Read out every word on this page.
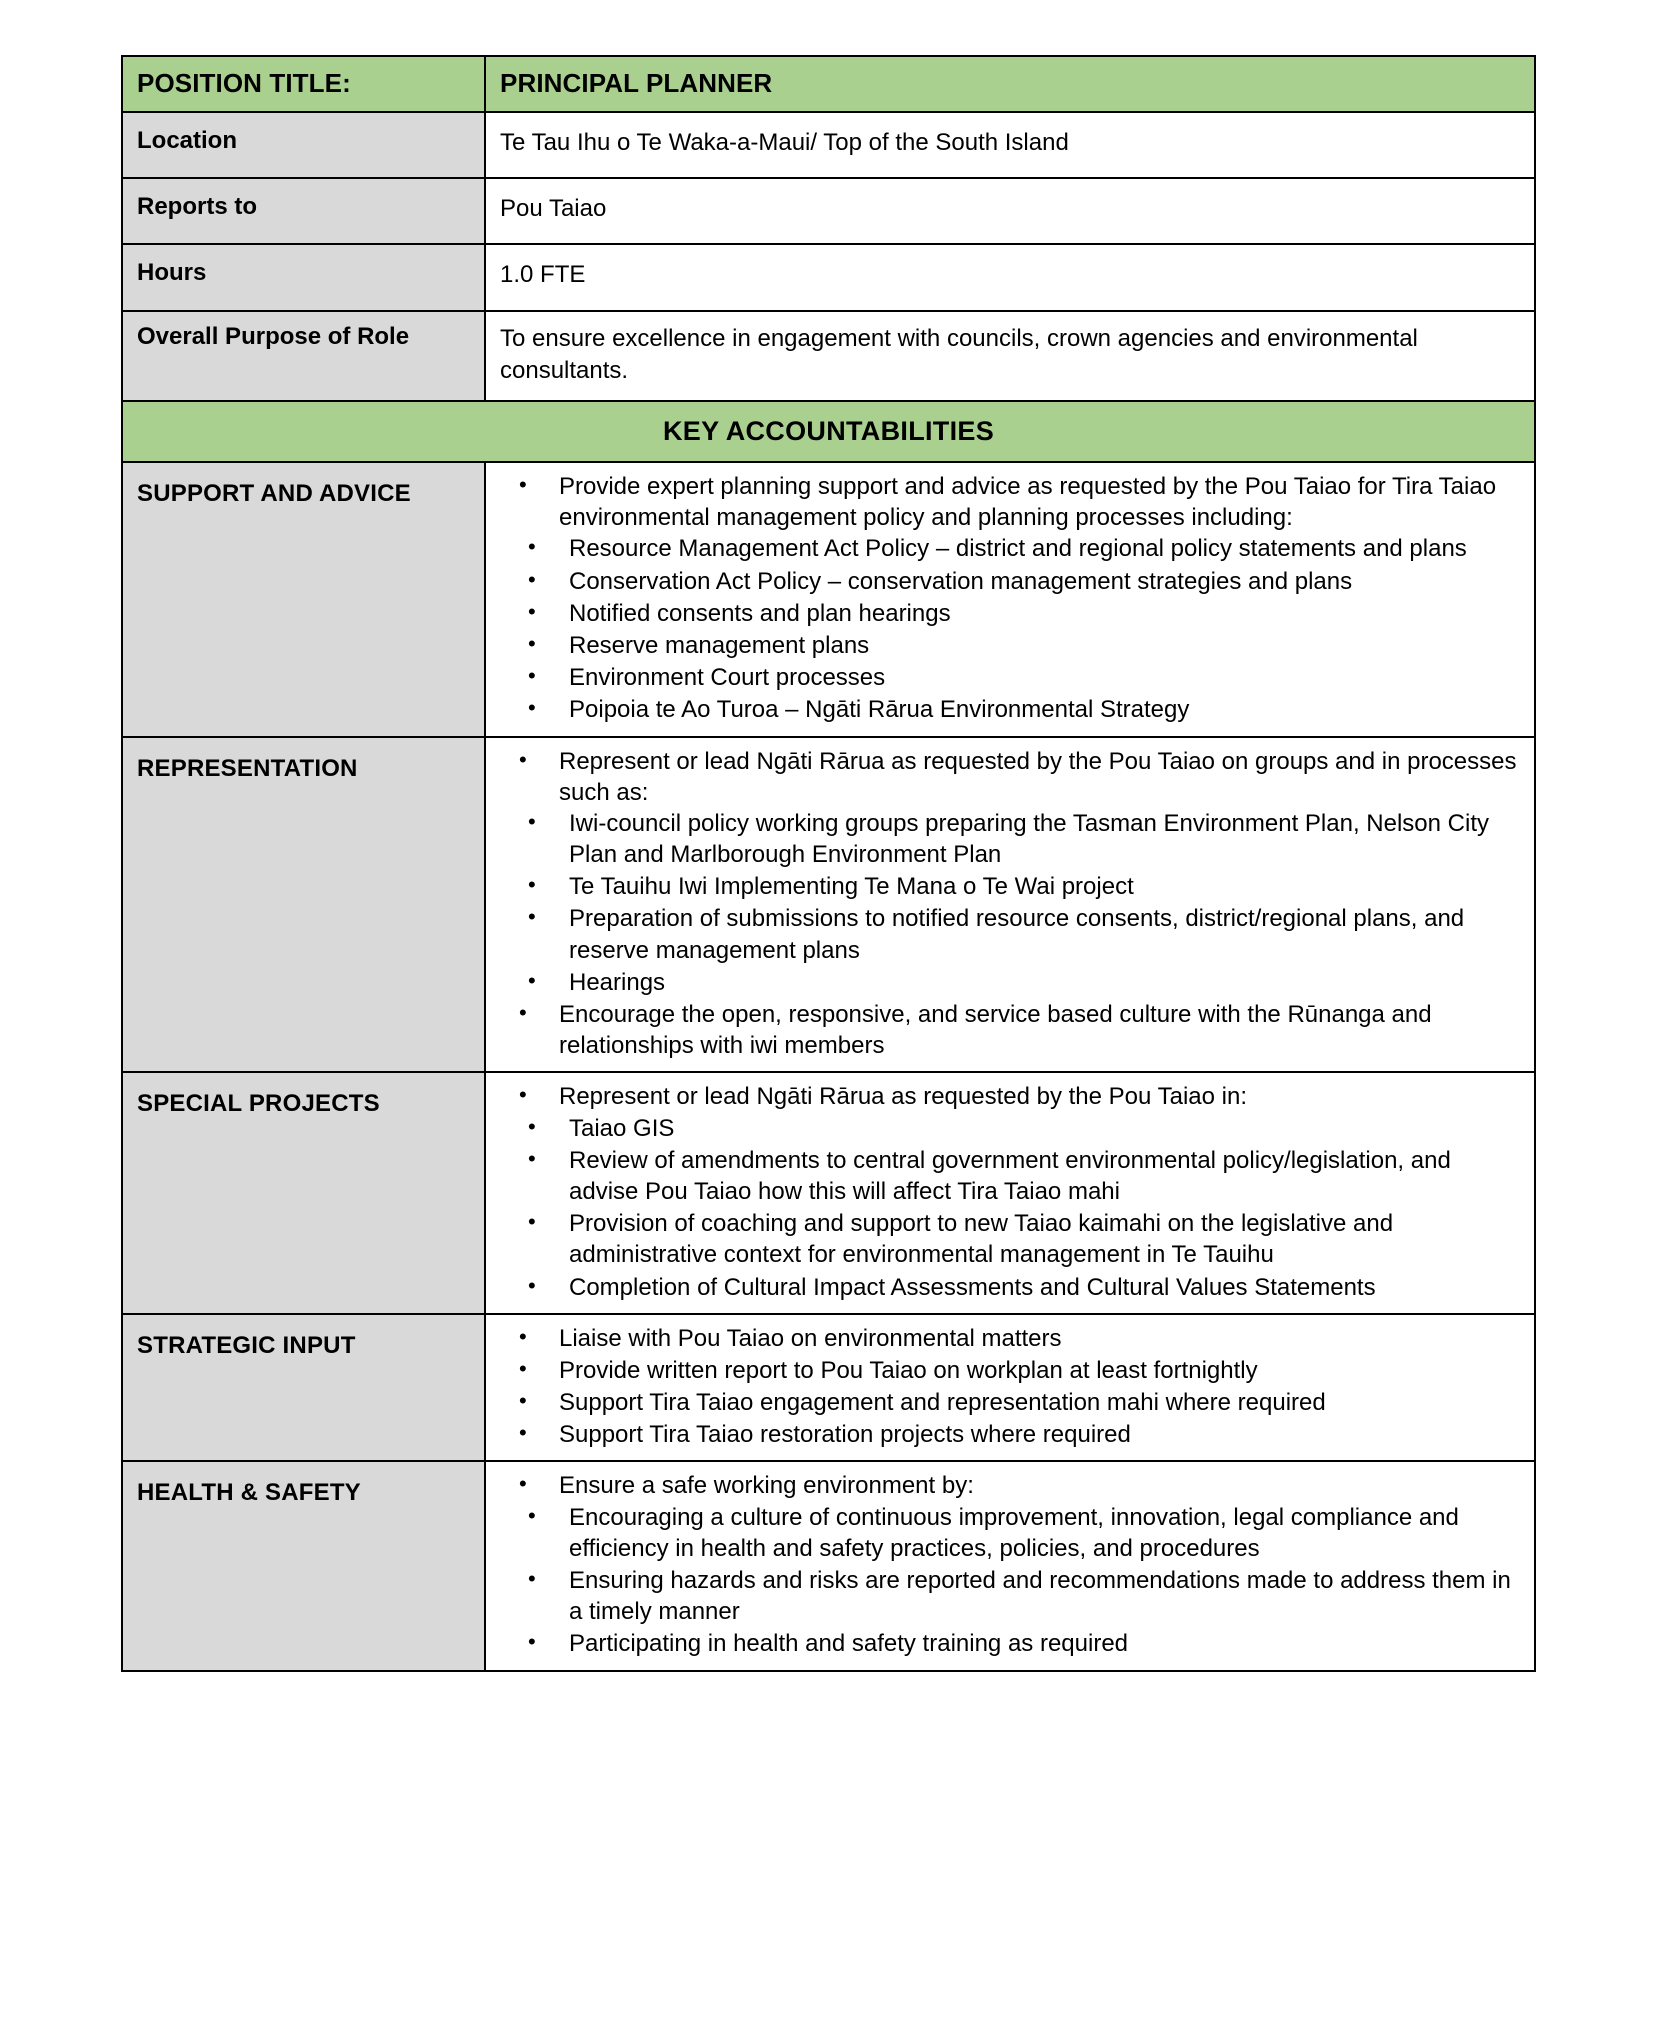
POSITION TITLE:	PRINCIPAL PLANNER

Location	Te Tau Ihu o Te Waka-a-Maui/ Top of the South Island

Reports to	Pou Taiao

Hours	1.0 FTE

Overall Purpose of Role	To ensure excellence in engagement with councils, crown agencies and environmental consultants.

KEY ACCOUNTABILITIES	

SUPPORT AND ADVICE

•Provide expert planning support and advice as requested by the Pou Taiao for Tira Taiao environmental management policy and planning processes including:
• Resource Management Act Policy – district and regional policy statements and plans
• Conservation Act Policy – conservation management strategies and plans
• Notified consents and plan hearings
• Reserve management plans
• Environment Court processes
• Poipoia te Ao Turoa – Ngāti Rārua Environmental Strategy

REPRESENTATION

•Represent or lead Ngāti Rārua as requested by the Pou Taiao on groups and in processes such as:
• Iwi-council policy working groups preparing the Tasman Environment Plan, Nelson City Plan and Marlborough Environment Plan
• Te Tauihu Iwi Implementing Te Mana o Te Wai project
• Preparation of submissions to notified resource consents, district/regional plans, and reserve management plans
• Hearings
• Encourage the open, responsive, and service based culture with the Rūnanga and relationships with iwi members

SPECIAL PROJECTS

•Represent or lead Ngāti Rārua as requested by the Pou Taiao in:
• Taiao GIS
• Review of amendments to central government environmental policy/legislation, and advise Pou Taiao how this will affect Tira Taiao mahi
• Provision of coaching and support to new Taiao kaimahi on the legislative and administrative context for environmental management in Te Tauihu
• Completion of Cultural Impact Assessments and Cultural Values Statements

STRATEGIC INPUT

•Liaise with Pou Taiao on environmental matters
• Provide written report to Pou Taiao on workplan at least fortnightly
• Support Tira Taiao engagement and representation mahi where required
• Support Tira Taiao restoration projects where required

HEALTH & SAFETY

•Ensure a safe working environment by:
• Encouraging a culture of continuous improvement, innovation, legal compliance and efficiency in health and safety practices, policies, and procedures
• Ensuring hazards and risks are reported and recommendations made to address them in a timely manner
• Participating in health and safety training as required
